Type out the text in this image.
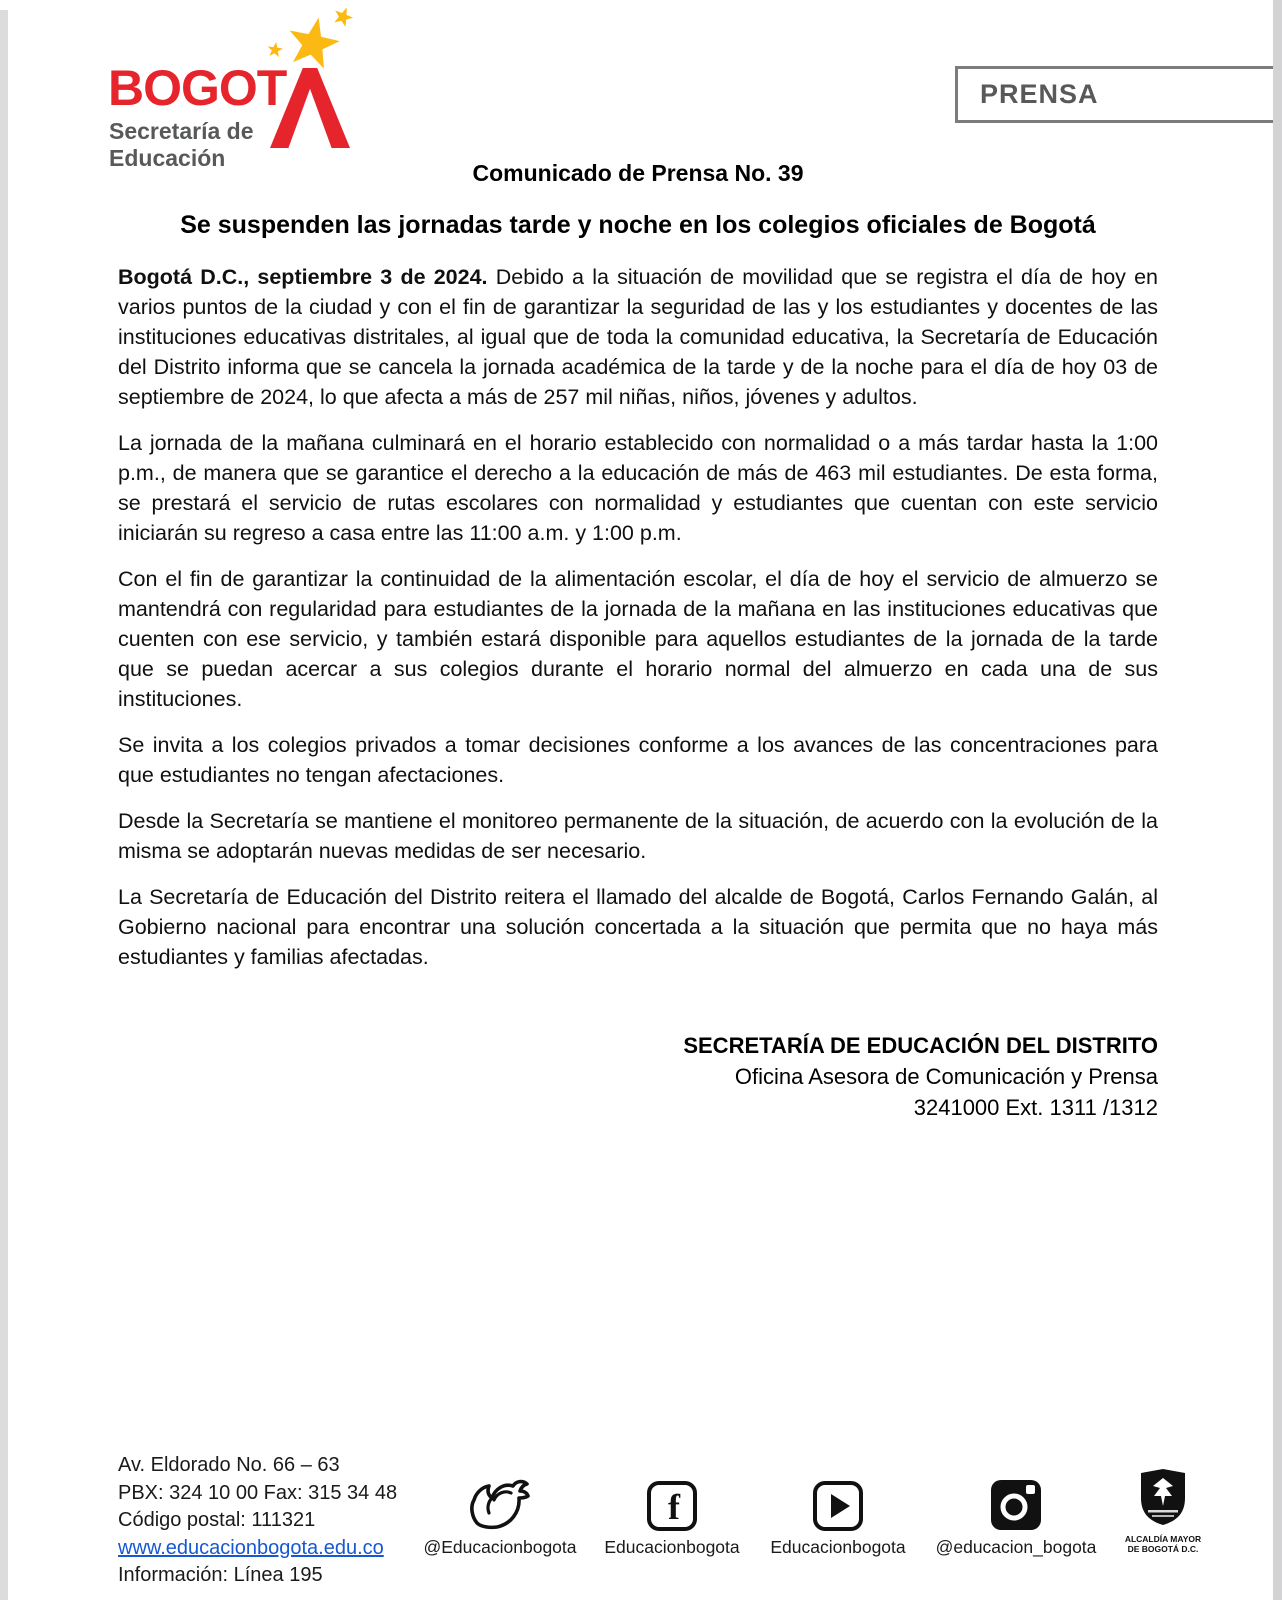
BOGOT
Secretaría de Educación
PRENSA
Comunicado de Prensa No. 39
Se suspenden las jornadas tarde y noche en los colegios oficiales de Bogotá

Bogotá D.C., septiembre 3 de 2024. Debido a la situación de movilidad que se registra el día de hoy en varios puntos de la ciudad y con el fin de garantizar la seguridad de las y los estudiantes y docentes de las instituciones educativas distritales, al igual que de toda la comunidad educativa, la Secretaría de Educación del Distrito informa que se cancela la jornada académica de la tarde y de la noche para el día de hoy 03 de septiembre de 2024, lo que afecta a más de 257 mil niñas, niños, jóvenes y adultos.

La jornada de la mañana culminará en el horario establecido con normalidad o a más tardar hasta la 1:00 p.m., de manera que se garantice el derecho a la educación de más de 463 mil estudiantes. De esta forma, se prestará el servicio de rutas escolares con normalidad y estudiantes que cuentan con este servicio iniciarán su regreso a casa entre las 11:00 a.m. y 1:00 p.m.

Con el fin de garantizar la continuidad de la alimentación escolar, el día de hoy el servicio de almuerzo se mantendrá con regularidad para estudiantes de la jornada de la mañana en las instituciones educativas que cuenten con ese servicio, y también estará disponible para aquellos estudiantes de la jornada de la tarde que se puedan acercar a sus colegios durante el horario normal del almuerzo en cada una de sus instituciones.

Se invita a los colegios privados a tomar decisiones conforme a los avances de las concentraciones para que estudiantes no tengan afectaciones.

Desde la Secretaría se mantiene el monitoreo permanente de la situación, de acuerdo con la evolución de la misma se adoptarán nuevas medidas de ser necesario.

La Secretaría de Educación del Distrito reitera el llamado del alcalde de Bogotá, Carlos Fernando Galán, al Gobierno nacional para encontrar una solución concertada a la situación que permita que no haya más estudiantes y familias afectadas.

SECRETARÍA DE EDUCACIÓN DEL DISTRITO
Oficina Asesora de Comunicación y Prensa
3241000 Ext. 1311 /1312
Av. Eldorado No. 66 – 63
PBX: 324 10 00 Fax: 315 34 48
Código postal: 111321
www.educacionbogota.edu.co
Información: Línea 195
@Educacionbogota
f
Educacionbogota	Educacionbogota	@educacion_bogota	ALCALDÍA MAYOR
DE BOGOTÁ D.C.
